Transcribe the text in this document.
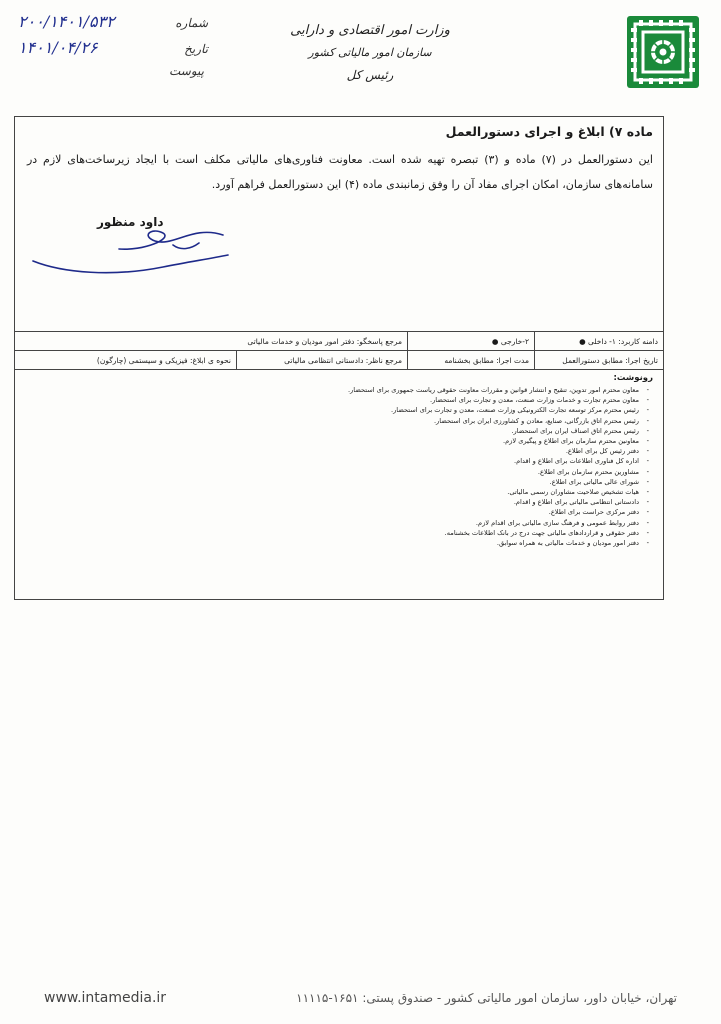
وزارت امور اقتصادی و دارایی
سازمان امور مالیاتی کشور
رئیس کل
شماره
۲۰۰/۱۴۰۱/۵۳۲
تاریخ
۱۴۰۱/۰۴/۲۶
پیوست

ماده ۷) ابلاغ و اجرای دستورالعمل

این دستورالعمل در (۷) ماده و (۳) تبصره تهیه شده است. معاونت فناوری‌های مالیاتی مکلف است با ایجاد زیرساخت‌های لازم در سامانه‌های سازمان، امکان اجرای مفاد آن را وفق زمانبندی ماده (۴) این دستورالعمل فراهم آورد.

داود منظور
دامنه کاربرد: ۱- داخلی ●
۲-خارجی ●
مرجع پاسخگو: دفتر امور مودیان و خدمات مالیاتی
تاریخ اجرا: مطابق دستورالعمل
مدت اجرا: مطابق بخشنامه
مرجع ناظر: دادستانی انتظامی مالیاتی
نحوه ی ابلاغ: فیزیکی و سیستمی (چارگون)

رونوشت:

- معاون محترم امور تدوین، تنقیح و انتشار قوانین و مقررات معاونت حقوقی ریاست جمهوری برای استحضار.
- معاون محترم تجارت و خدمات وزارت صنعت، معدن و تجارت برای استحضار.
- رئیس محترم مرکز توسعه تجارت الکترونیکی وزارت صنعت، معدن و تجارت برای استحضار.
- رئیس محترم اتاق بازرگانی، صنایع، معادن و کشاورزی ایران برای استحضار.
- رئیس محترم اتاق اصناف ایران برای استحضار.
- معاونین محترم سازمان برای اطلاع و پیگیری لازم.
- دفتر رئیس کل برای اطلاع.
- اداره کل فناوری اطلاعات برای اطلاع و اقدام.
- مشاورین محترم سازمان برای اطلاع.
- شورای عالی مالیاتی برای اطلاع.
- هیات تشخیص صلاحیت مشاوران رسمی مالیاتی.
- دادستانی انتظامی مالیاتی برای اطلاع و اقدام.
- دفتر مرکزی حراست برای اطلاع.
- دفتر روابط عمومی و فرهنگ سازی مالیاتی برای اقدام لازم.
- دفتر حقوقی و قراردادهای مالیاتی جهت درج در بانک اطلاعات بخشنامه.
- دفتر امور مودیان و خدمات مالیاتی به همراه سوابق.
تهران، خیابان داور، سازمان امور مالیاتی کشور - صندوق پستی: ۱۶۵۱-۱۱۱۱۵
www.intamedia.ir
